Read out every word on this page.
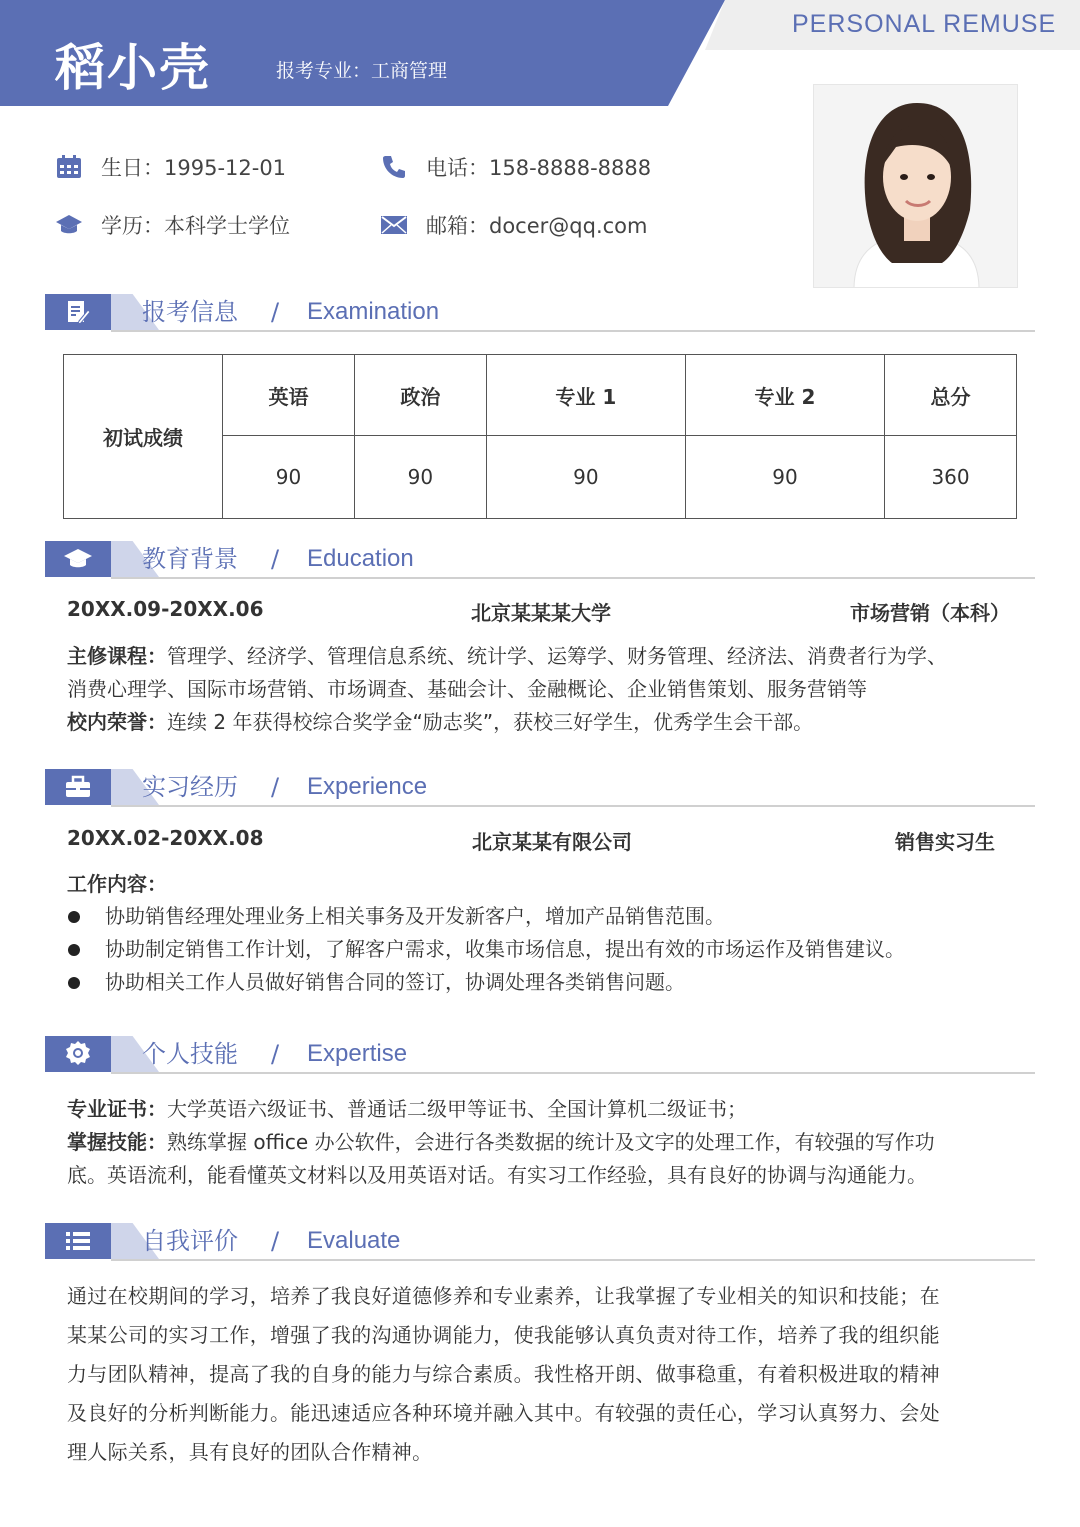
PERSONAL REMUSE
稻小壳	报考专业：工商管理
生日：1995-12-01	电话：158-8888-8888
学历：本科学士学位	邮箱：docer@qq.com
报考信息 / Examination
初试成绩	英语	政治	专业 1	专业 2	总分
	90	90	90	90	360
教育背景 / Education
20XX.09-20XX.06	北京某某某大学	市场营销（本科）
主修课程：管理学、经济学、管理信息系统、统计学、运筹学、财务管理、经济法、消费者行为学、
消费心理学、国际市场营销、市场调查、基础会计、金融概论、企业销售策划、服务营销等
校内荣誉：连续 2 年获得校综合奖学金“励志奖”，获校三好学生，优秀学生会干部。
实习经历 / Experience
20XX.02-20XX.08	北京某某有限公司	销售实习生
工作内容：
协助销售经理处理业务上相关事务及开发新客户，增加产品销售范围。
协助制定销售工作计划，了解客户需求，收集市场信息，提出有效的市场运作及销售建议。
协助相关工作人员做好销售合同的签订，协调处理各类销售问题。
个人技能 / Expertise
专业证书：大学英语六级证书、普通话二级甲等证书、全国计算机二级证书；
掌握技能：熟练掌握 office 办公软件，会进行各类数据的统计及文字的处理工作，有较强的写作功
底。英语流利，能看懂英文材料以及用英语对话。有实习工作经验，具有良好的协调与沟通能力。
自我评价 / Evaluate
通过在校期间的学习，培养了我良好道德修养和专业素养，让我掌握了专业相关的知识和技能；在
某某公司的实习工作，增强了我的沟通协调能力，使我能够认真负责对待工作，培养了我的组织能
力与团队精神，提高了我的自身的能力与综合素质。我性格开朗、做事稳重，有着积极进取的精神
及良好的分析判断能力。能迅速适应各种环境并融入其中。有较强的责任心，学习认真努力、会处
理人际关系，具有良好的团队合作精神。
